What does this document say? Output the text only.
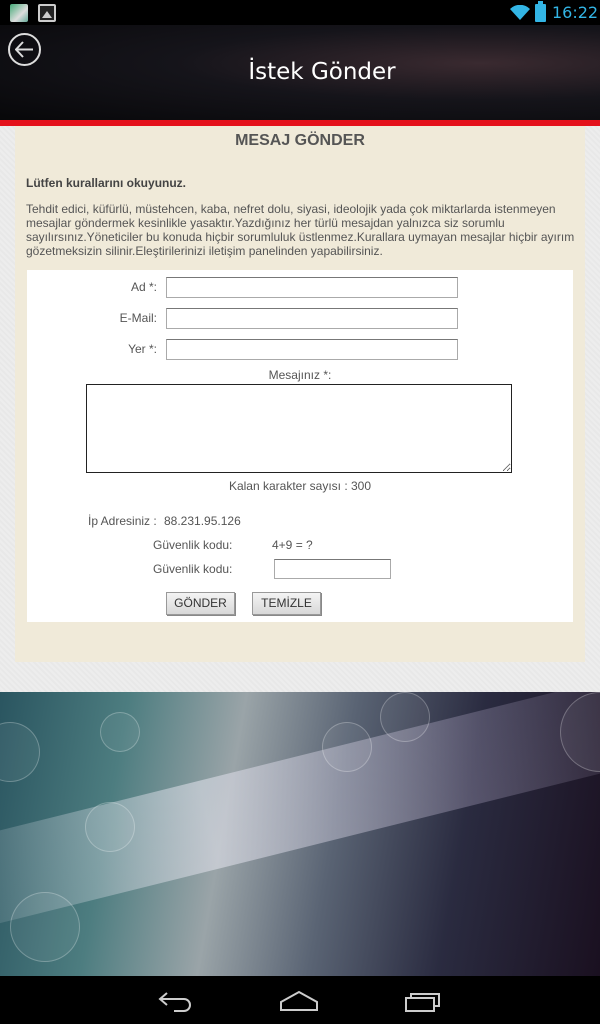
16:22
İstek Gönder
MESAJ GÖNDER
Lütfen kurallarını okuyunuz.
Tehdit edici, küfürlü, müstehcen, kaba, nefret dolu, siyasi, ideolojik yada çok miktarlarda istenmeyen mesajlar göndermek kesinlikle yasaktır.Yazdığınız her türlü mesajdan yalnızca siz sorumlu sayılırsınız.Yöneticiler bu konuda hiçbir sorumluluk üstlenmez.Kurallara uymayan mesajlar hiçbir ayırım gözetmeksizin silinir.Eleştirilerinizi iletişim panelinden yapabilirsiniz.
Ad *:
E-Mail:
Yer *:
Mesajınız *:
Kalan karakter sayısı : 300
İp Adresiniz : 88.231.95.126
Güvenlik kodu:	4+9 = ?
Güvenlik kodu:
GÖNDER	TEMİZLE
